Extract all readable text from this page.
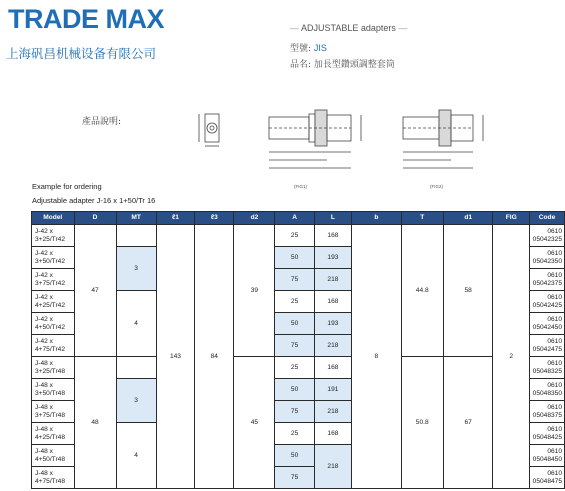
TRADE MAX
上海矾昌机械设备有限公司
— ADJUSTABLE adapters —
型號: JIS
品名: 加長型鑽頭調整套筒
產品說明:
(FIG1)	(FIG2)
Example for ordering
Adjustable adapter J-16 x 1+50/Tr 16
Model	D	MT	ℓ1	ℓ3	d2	A	L	b	T	d1	FIG	Code
J-42 x
3+25/Tr42	47		143	84	39	25	168	8	44.8	58	2	0610
05042325
J-42 x
3+50/Tr42		3				50	193					0610
05042350
J-42 x
3+75/Tr42						75	218					0610
05042375
J-42 x
4+25/Tr42		4				25	168					0610
05042425
J-42 x
4+50/Tr42						50	193					0610
05042450
J-42 x
4+75/Tr42						75	218					0610
05042475
J-48 x
3+25/Tr48	48				45	25	168		50.8	67		0610
05048325
J-48 x
3+50/Tr48		3				50	191					0610
05048350
J-48 x
3+75/Tr48						75	218					0610
05048375
J-48 x
4+25/Tr48		4				25	168					0610
05048425
J-48 x
4+50/Tr48						50	218					0610
05048450
J-48 x
4+75/Tr48						75						0610
05048475
